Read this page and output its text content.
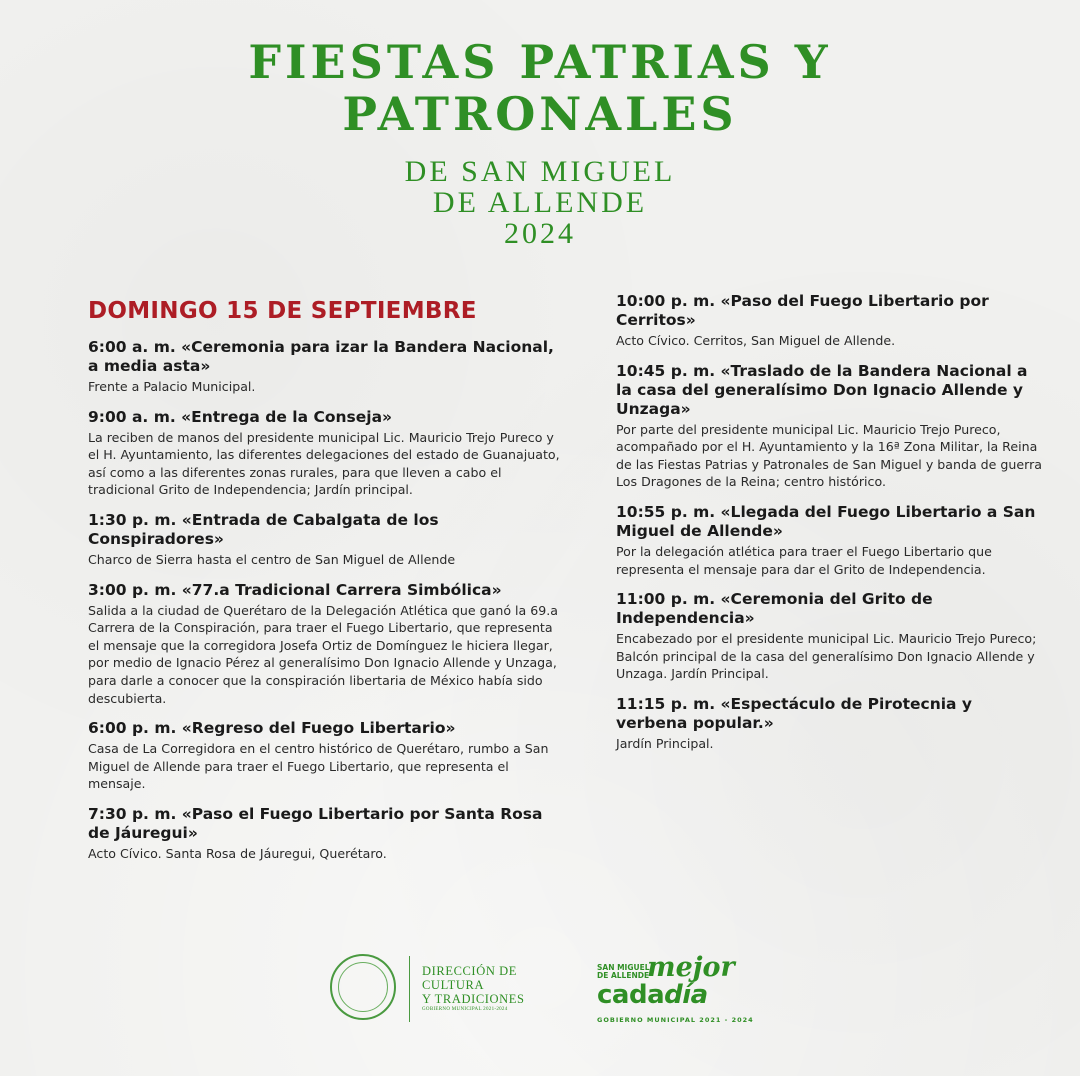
FIESTAS PATRIAS Y
PATRONALES
DE SAN MIGUEL
DE ALLENDE
2024
DOMINGO 15 DE SEPTIEMBRE
6:00 a. m. «Ceremonia para izar la Bandera Nacional, a media asta»
Frente a Palacio Municipal.
9:00 a. m. «Entrega de la Conseja»
La reciben de manos del presidente municipal Lic. Mauricio Trejo Pureco y el H. Ayuntamiento, las diferentes delegaciones del estado de Guanajuato, así como a las diferentes zonas rurales, para que lleven a cabo el tradicional Grito de Independencia; Jardín principal.
1:30 p. m. «Entrada de Cabalgata de los Conspiradores»
Charco de Sierra hasta el centro de San Miguel de Allende
3:00 p. m. «77.a Tradicional Carrera Simbólica»
Salida a la ciudad de Querétaro de la Delegación Atlética que ganó la 69.a Carrera de la Conspiración, para traer el Fuego Libertario, que representa el mensaje que la corregidora Josefa Ortiz de Domínguez le hiciera llegar, por medio de Ignacio Pérez al generalísimo Don Ignacio Allende y Unzaga, para darle a conocer que la conspiración libertaria de México había sido descubierta.
6:00 p. m. «Regreso del Fuego Libertario»
Casa de La Corregidora en el centro histórico de Querétaro, rumbo a San Miguel de Allende para traer el Fuego Libertario, que representa el mensaje.
7:30 p. m. «Paso el Fuego Libertario por Santa Rosa de Jáuregui»
Acto Cívico. Santa Rosa de Jáuregui, Querétaro.
10:00 p. m. «Paso del Fuego Libertario por Cerritos»
Acto Cívico. Cerritos, San Miguel de Allende.
10:45 p. m. «Traslado de la Bandera Nacional a la casa del generalísimo Don Ignacio Allende y Unzaga»
Por parte del presidente municipal Lic. Mauricio Trejo Pureco, acompañado por el H. Ayuntamiento y la 16ª Zona Militar, la Reina de las Fiestas Patrias y Patronales de San Miguel y banda de guerra Los Dragones de la Reina; centro histórico.
10:55 p. m. «Llegada del Fuego Libertario a San Miguel de Allende»
Por la delegación atlética para traer el Fuego Libertario que representa el mensaje para dar el Grito de Independencia.
11:00 p. m. «Ceremonia del Grito de Independencia»
Encabezado por el presidente municipal Lic. Mauricio Trejo Pureco; Balcón principal de la casa del generalísimo Don Ignacio Allende y Unzaga. Jardín Principal.
11:15 p. m. «Espectáculo de Pirotecnia y verbena popular.»
Jardín Principal.
DIRECCIÓN DE
CULTURA
Y TRADICIONES
GOBIERNO MUNICIPAL 2021-2024
SAN MIGUEL
DE ALLENDE
mejor
cadadía
GOBIERNO MUNICIPAL 2021 - 2024
